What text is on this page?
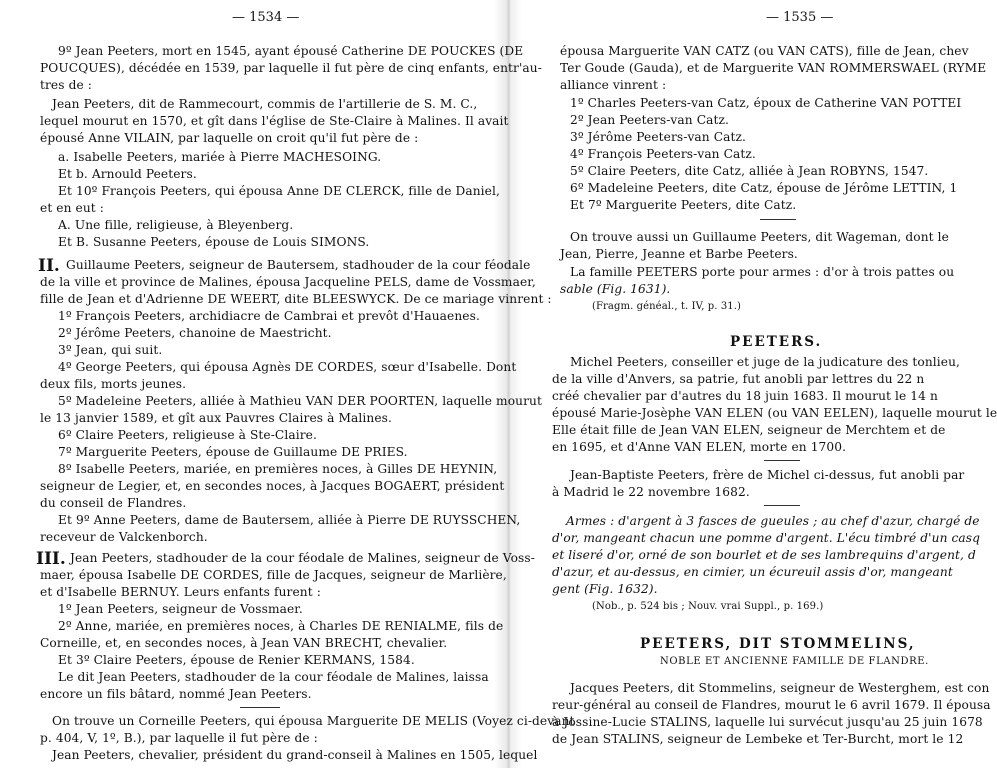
— 1534 —
9º Jean Peeters, mort en 1545, ayant épousé Catherine DE POUCKES (DE
POUCQUES), décédée en 1539, par laquelle il fut père de cinq enfants, entr'au-
tres de :
Jean Peeters, dit de Rammecourt, commis de l'artillerie de S. M. C.,
lequel mourut en 1570, et gît dans l'église de Ste-Claire à Malines. Il avait
épousé Anne VILAIN, par laquelle on croit qu'il fut père de :
a. Isabelle Peeters, mariée à Pierre MACHESOING.
Et b. Arnould Peeters.
Et 10º François Peeters, qui épousa Anne DE CLERCK, fille de Daniel,
et en eut :
A. Une fille, religieuse, à Bleyenberg.
Et B. Susanne Peeters, épouse de Louis SIMONS.
II. Guillaume Peeters, seigneur de Bautersem, stadhouder de la cour féodale
de la ville et province de Malines, épousa Jacqueline PELS, dame de Vossmaer,
fille de Jean et d'Adrienne DE WEERT, dite BLEESWYCK. De ce mariage vinrent :
1º François Peeters, archidiacre de Cambrai et prevôt d'Hauaenes.
2º Jérôme Peeters, chanoine de Maestricht.
3º Jean, qui suit.
4º George Peeters, qui épousa Agnès DE CORDES, sœur d'Isabelle. Dont
deux fils, morts jeunes.
5º Madeleine Peeters, alliée à Mathieu VAN DER POORTEN, laquelle mourut
le 13 janvier 1589, et gît aux Pauvres Claires à Malines.
6º Claire Peeters, religieuse à Ste-Claire.
7º Marguerite Peeters, épouse de Guillaume DE PRIES.
8º Isabelle Peeters, mariée, en premières noces, à Gilles DE HEYNIN,
seigneur de Legier, et, en secondes noces, à Jacques BOGAERT, président
du conseil de Flandres.
Et 9º Anne Peeters, dame de Bautersem, alliée à Pierre DE RUYSSCHEN,
receveur de Valckenborch.
III. Jean Peeters, stadhouder de la cour féodale de Malines, seigneur de Voss-
maer, épousa Isabelle DE CORDES, fille de Jacques, seigneur de Marlière,
et d'Isabelle BERNUY. Leurs enfants furent :
1º Jean Peeters, seigneur de Vossmaer.
2º Anne, mariée, en premières noces, à Charles DE RENIALME, fils de
Corneille, et, en secondes noces, à Jean VAN BRECHT, chevalier.
Et 3º Claire Peeters, épouse de Renier KERMANS, 1584.
Le dit Jean Peeters, stadhouder de la cour féodale de Malines, laissa
encore un fils bâtard, nommé Jean Peeters.
On trouve un Corneille Peeters, qui épousa Marguerite DE MELIS (Voyez ci-devant
p. 404, V, 1º, B.), par laquelle il fut père de :
Jean Peeters, chevalier, président du grand-conseil à Malines en 1505, lequel
— 1535 —
épousa Marguerite VAN CATZ (ou VAN CATS), fille de Jean, chev
Ter Goude (Gauda), et de Marguerite VAN ROMMERSWAEL (RYME
alliance vinrent :
1º Charles Peeters-van Catz, époux de Catherine VAN POTTEI
2º Jean Peeters-van Catz.
3º Jérôme Peeters-van Catz.
4º François Peeters-van Catz.
5º Claire Peeters, dite Catz, alliée à Jean ROBYNS, 1547.
6º Madeleine Peeters, dite Catz, épouse de Jérôme LETTIN, 1
Et 7º Marguerite Peeters, dite Catz.
On trouve aussi un Guillaume Peeters, dit Wageman, dont le
Jean, Pierre, Jeanne et Barbe Peeters.
La famille PEETERS porte pour armes : d'or à trois pattes ou
sable (Fig. 1631).
(Fragm. généal., t. IV, p. 31.)
PEETERS.
Michel Peeters, conseiller et juge de la judicature des tonlieu,
de la ville d'Anvers, sa patrie, fut anobli par lettres du 22 n
créé chevalier par d'autres du 18 juin 1683. Il mourut le 14 n
épousé Marie-Josèphe VAN ELEN (ou VAN EELEN), laquelle mourut le
Elle était fille de Jean VAN ELEN, seigneur de Merchtem et de
en 1695, et d'Anne VAN ELEN, morte en 1700.
Jean-Baptiste Peeters, frère de Michel ci-dessus, fut anobli par
à Madrid le 22 novembre 1682.
Armes : d'argent à 3 fasces de gueules ; au chef d'azur, chargé de
d'or, mangeant chacun une pomme d'argent. L'écu timbré d'un casq
et liseré d'or, orné de son bourlet et de ses lambrequins d'argent, d
d'azur, et au-dessus, en cimier, un écureuil assis d'or, mangeant
gent (Fig. 1632).
(Nob., p. 524 bis ; Nouv. vrai Suppl., p. 169.)
PEETERS, DIT STOMMELINS,
NOBLE ET ANCIENNE FAMILLE DE FLANDRE.
Jacques Peeters, dit Stommelins, seigneur de Westerghem, est con
reur-général au conseil de Flandres, mourut le 6 avril 1679. Il épousa
à Jossine-Lucie STALINS, laquelle lui survécut jusqu'au 25 juin 1678
de Jean STALINS, seigneur de Lembeke et Ter-Burcht, mort le 12
